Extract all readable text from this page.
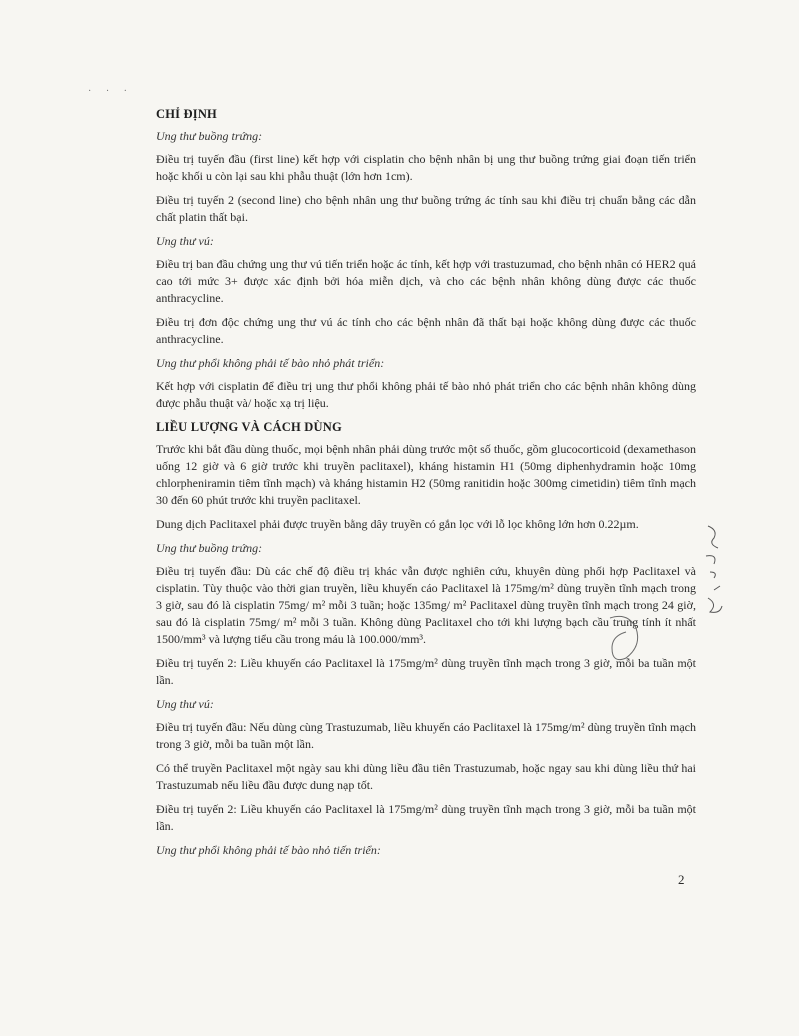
· · ·
CHỈ ĐỊNH

Ung thư buồng trứng:

Điều trị tuyến đầu (first line) kết hợp với cisplatin cho bệnh nhân bị ung thư buồng trứng giai đoạn tiến triển hoặc khối u còn lại sau khi phẫu thuật (lớn hơn 1cm).

Điều trị tuyến 2 (second line) cho bệnh nhân ung thư buồng trứng ác tính sau khi điều trị chuẩn bằng các dẫn chất platin thất bại.

Ung thư vú:

Điều trị ban đầu chứng ung thư vú tiến triển hoặc ác tính, kết hợp với trastuzumad, cho bệnh nhân có HER2 quá cao tới mức 3+ được xác định bởi hóa miễn dịch, và cho các bệnh nhân không dùng được các thuốc anthracycline.

Điều trị đơn độc chứng ung thư vú ác tính cho các bệnh nhân đã thất bại hoặc không dùng được các thuốc anthracycline.

Ung thư phổi không phải tế bào nhỏ phát triển:

Kết hợp với cisplatin để điều trị ung thư phổi không phải tế bào nhỏ phát triển cho các bệnh nhân không dùng được phẫu thuật và/ hoặc xạ trị liệu.

LIỀU LƯỢNG VÀ CÁCH DÙNG

Trước khi bắt đầu dùng thuốc, mọi bệnh nhân phải dùng trước một số thuốc, gồm glucocorticoid (dexamethason uống 12 giờ và 6 giờ trước khi truyền paclitaxel), kháng histamin H1 (50mg diphenhydramin hoặc 10mg chlorpheniramin tiêm tĩnh mạch) và kháng histamin H2 (50mg ranitidin hoặc 300mg cimetidin) tiêm tĩnh mạch 30 đến 60 phút trước khi truyền paclitaxel.

Dung dịch Paclitaxel phải được truyền bằng dây truyền có gắn lọc với lỗ lọc không lớn hơn 0.22µm.

Ung thư buồng trứng:

Điều trị tuyến đầu: Dù các chế độ điều trị khác vẫn được nghiên cứu, khuyên dùng phối hợp Paclitaxel và cisplatin. Tùy thuộc vào thời gian truyền, liều khuyến cáo Paclitaxel là 175mg/m² dùng truyền tĩnh mạch trong 3 giờ, sau đó là cisplatin 75mg/ m² mỗi 3 tuần; hoặc 135mg/ m² Paclitaxel dùng truyền tĩnh mạch trong 24 giờ, sau đó là cisplatin 75mg/ m² mỗi 3 tuần. Không dùng Paclitaxel cho tới khi lượng bạch cầu trung tính ít nhất 1500/mm³ và lượng tiểu cầu trong máu là 100.000/mm³.

Điều trị tuyến 2: Liều khuyến cáo Paclitaxel là 175mg/m² dùng truyền tĩnh mạch trong 3 giờ, mỗi ba tuần một lần.

Ung thư vú:

Điều trị tuyến đầu: Nếu dùng cùng Trastuzumab, liều khuyến cáo Paclitaxel là 175mg/m² dùng truyền tĩnh mạch trong 3 giờ, mỗi ba tuần một lần.

Có thể truyền Paclitaxel một ngày sau khi dùng liều đầu tiên Trastuzumab, hoặc ngay sau khi dùng liều thứ hai Trastuzumab nếu liều đầu được dung nạp tốt.

Điều trị tuyến 2: Liều khuyến cáo Paclitaxel là 175mg/m² dùng truyền tĩnh mạch trong 3 giờ, mỗi ba tuần một lần.

Ung thư phổi không phải tế bào nhỏ tiến triển:

2
